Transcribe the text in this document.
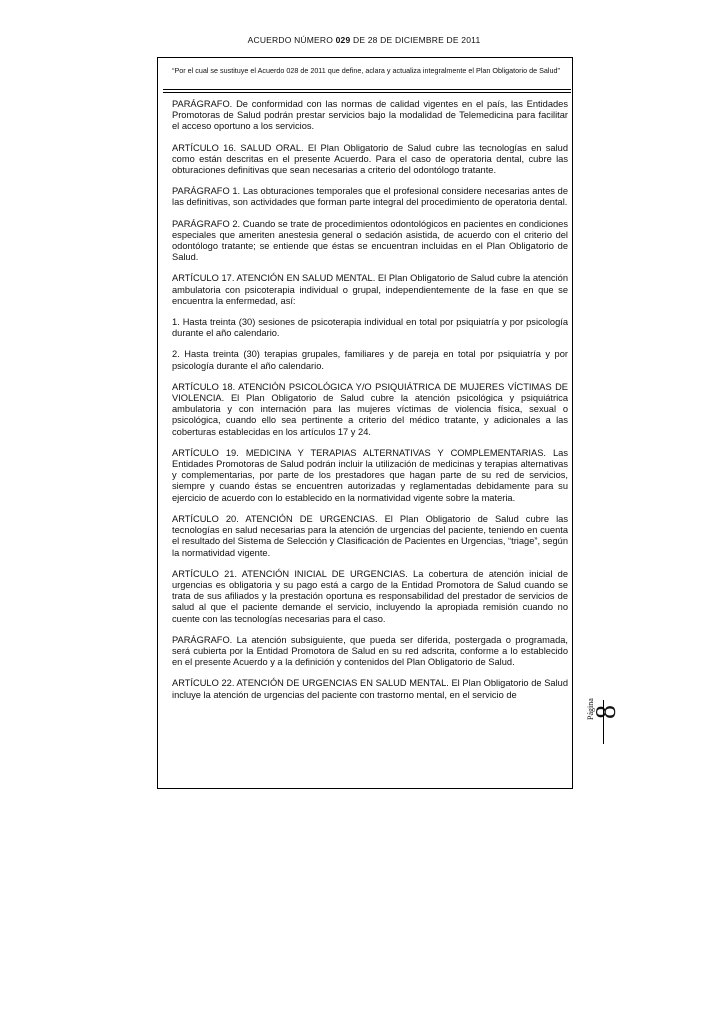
ACUERDO NÚMERO 029 DE 28 DE DICIEMBRE DE 2011
“Por el cual se sustituye el Acuerdo 028 de 2011 que define, aclara y actualiza integralmente el Plan Obligatorio de Salud”

PARÁGRAFO. De conformidad con las normas de calidad vigentes en el país, las Entidades Promotoras de Salud podrán prestar servicios bajo la modalidad de Telemedicina para facilitar el acceso oportuno a los servicios.

ARTÍCULO 16. SALUD ORAL. El Plan Obligatorio de Salud cubre las tecnologías en salud como están descritas en el presente Acuerdo. Para el caso de operatoria dental, cubre las obturaciones definitivas que sean necesarias a criterio del odontólogo tratante.

PARÁGRAFO 1. Las obturaciones temporales que el profesional considere necesarias antes de las definitivas, son actividades que forman parte integral del procedimiento de operatoria dental.

PARÁGRAFO 2. Cuando se trate de procedimientos odontológicos en pacientes en condiciones especiales que ameriten anestesia general o sedación asistida, de acuerdo con el criterio del odontólogo tratante; se entiende que éstas se encuentran incluidas en el Plan Obligatorio de Salud.

ARTÍCULO 17. ATENCIÓN EN SALUD MENTAL. El Plan Obligatorio de Salud cubre la atención ambulatoria con psicoterapia individual o grupal, independientemente de la fase en que se encuentra la enfermedad, así:

1. Hasta treinta (30) sesiones de psicoterapia individual en total por psiquiatría y por psicología durante el año calendario.

2. Hasta treinta (30) terapias grupales, familiares y de pareja en total por psiquiatría y por psicología durante el año calendario.

ARTÍCULO 18. ATENCIÓN PSICOLÓGICA Y/O PSIQUIÁTRICA DE MUJERES VÍCTIMAS DE VIOLENCIA. El Plan Obligatorio de Salud cubre la atención psicológica y psiquiátrica ambulatoria y con internación para las mujeres víctimas de violencia física, sexual o psicológica, cuando ello sea pertinente a criterio del médico tratante, y adicionales a las coberturas establecidas en los artículos 17 y 24.

ARTÍCULO 19. MEDICINA Y TERAPIAS ALTERNATIVAS Y COMPLEMENTARIAS. Las Entidades Promotoras de Salud podrán incluir la utilización de medicinas y terapias alternativas y complementarias, por parte de los prestadores que hagan parte de su red de servicios, siempre y cuando éstas se encuentren autorizadas y reglamentadas debidamente para su ejercicio de acuerdo con lo establecido en la normatividad vigente sobre la materia.

ARTÍCULO 20. ATENCIÓN DE URGENCIAS. El Plan Obligatorio de Salud cubre las tecnologías en salud necesarias para la atención de urgencias del paciente, teniendo en cuenta el resultado del Sistema de Selección y Clasificación de Pacientes en Urgencias, “triage”, según la normatividad vigente.

ARTÍCULO 21. ATENCIÓN INICIAL DE URGENCIAS. La cobertura de atención inicial de urgencias es obligatoria y su pago está a cargo de la Entidad Promotora de Salud cuando se trata de sus afiliados y la prestación oportuna es responsabilidad del prestador de servicios de salud al que el paciente demande el servicio, incluyendo la apropiada remisión cuando no cuente con las tecnologías necesarias para el caso.

PARÁGRAFO. La atención subsiguiente, que pueda ser diferida, postergada o programada, será cubierta por la Entidad Promotora de Salud en su red adscrita, conforme a lo establecido en el presente Acuerdo y a la definición y contenidos del Plan Obligatorio de Salud.

ARTÍCULO 22. ATENCIÓN DE URGENCIAS EN SALUD MENTAL. El Plan Obligatorio de Salud incluye la atención de urgencias del paciente con trastorno mental, en el servicio de

Página
8
